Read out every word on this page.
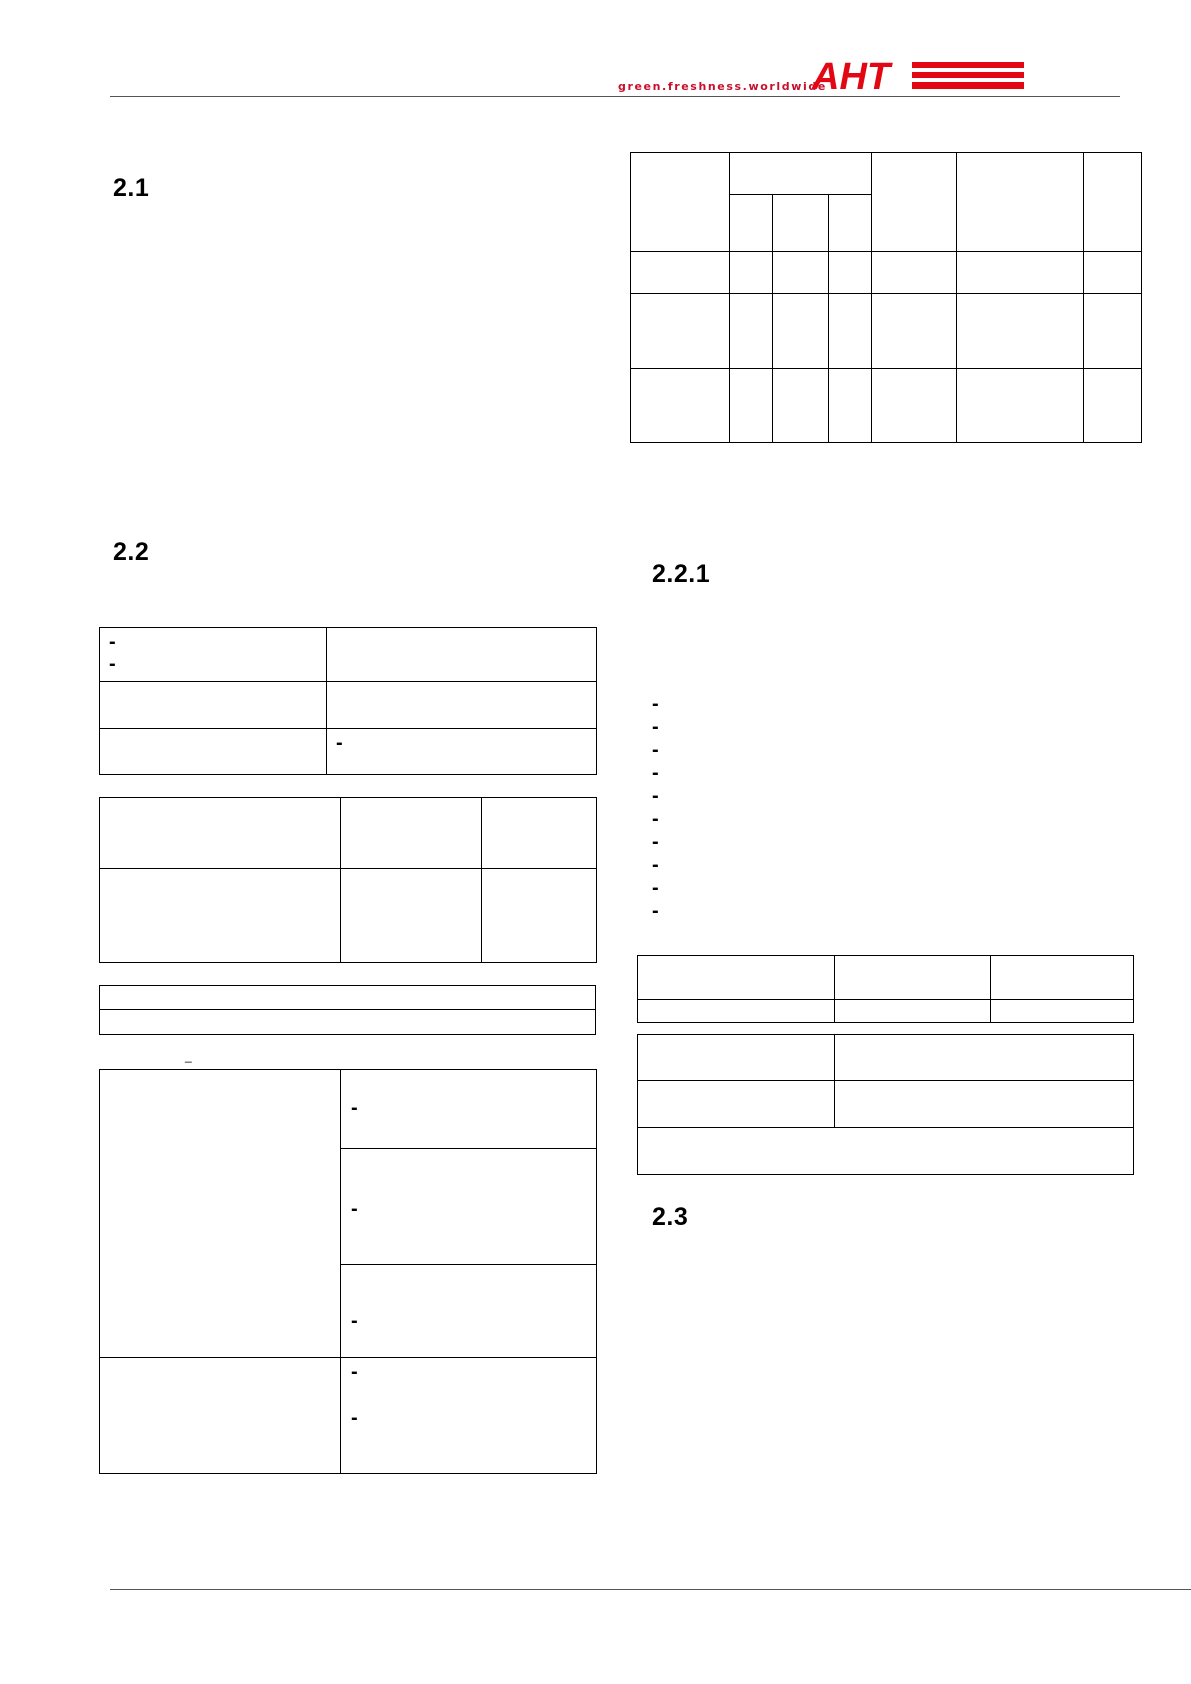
green.freshness.worldwide
AHT
2.1
2.2
2.2.1
2.3

-
-	

	-

_

	-

	-

	-

	-
-
-
-
-
-
-
-
-
-
-
-
